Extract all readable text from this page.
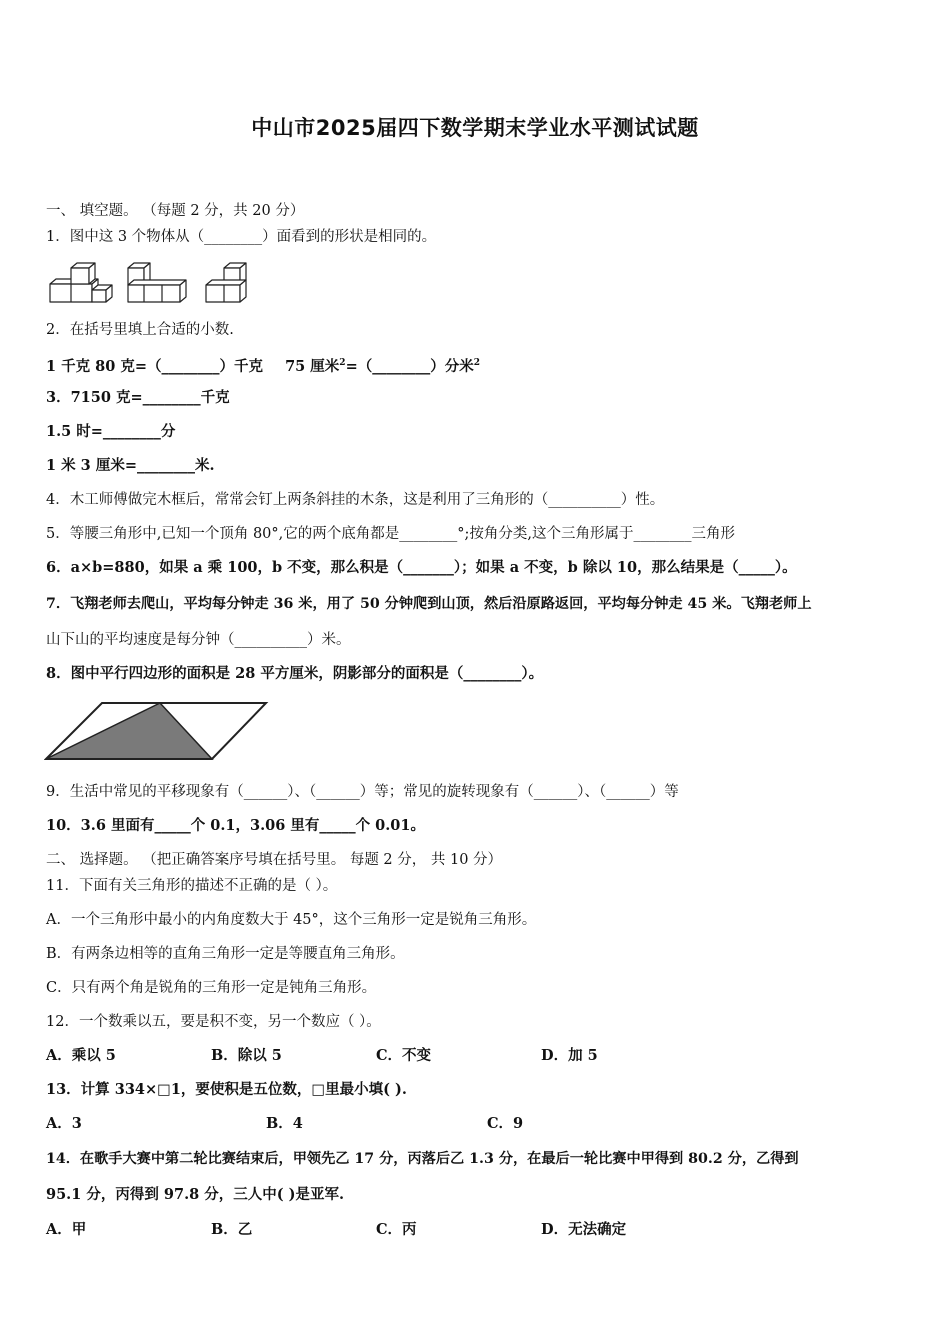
中山市2025届四下数学期末学业水平测试试题
一、 填空题。 （每题 2 分，共 20 分）
1．图中这 3 个物体从（________）面看到的形状是相同的。
2．在括号里填上合适的小数.
1 千克 80 克=（________）千克 75 厘米$^2$=（________）分米$^2$
3．7150 克=________千克
1.5 时=________分
1 米 3 厘米=________米.
4．木工师傅做完木框后，常常会钉上两条斜挂的木条，这是利用了三角形的（__________）性。
5．等腰三角形中,已知一个顶角 80°,它的两个底角都是________°;按角分类,这个三角形属于________三角形
6．a×b=880，如果 a 乘 100，b 不变，那么积是（_______）；如果 a 不变，b 除以 10，那么结果是（_____）。
7．飞翔老师去爬山，平均每分钟走 36 米，用了 50 分钟爬到山顶，然后沿原路返回，平均每分钟走 45 米。飞翔老师上
山下山的平均速度是每分钟（__________）米。
8．图中平行四边形的面积是 28 平方厘米，阴影部分的面积是（________）。
9．生活中常见的平移现象有（______）、（______）等；常见的旋转现象有（______）、（______）等
10．3.6 里面有_____个 0.1，3.06 里有_____个 0.01。
二、 选择题。 （把正确答案序号填在括号里。 每题 2 分， 共 10 分）
11．下面有关三角形的描述不正确的是（ ）。
A．一个三角形中最小的内角度数大于 45°，这个三角形一定是锐角三角形。
B．有两条边相等的直角三角形一定是等腰直角三角形。
C．只有两个角是锐角的三角形一定是钝角三角形。
12．一个数乘以五，要是积不变，另一个数应（ ）。
A．乘以 5	B．除以 5	C．不变	D．加 5
13．计算 334×□1，要使积是五位数，□里最小填( ).
A．3	B．4	C．9
14．在歌手大赛中第二轮比赛结束后，甲领先乙 17 分，丙落后乙 1.3 分，在最后一轮比赛中甲得到 80.2 分，乙得到
95.1 分，丙得到 97.8 分，三人中( )是亚军.
A．甲	B．乙	C．丙	D．无法确定
